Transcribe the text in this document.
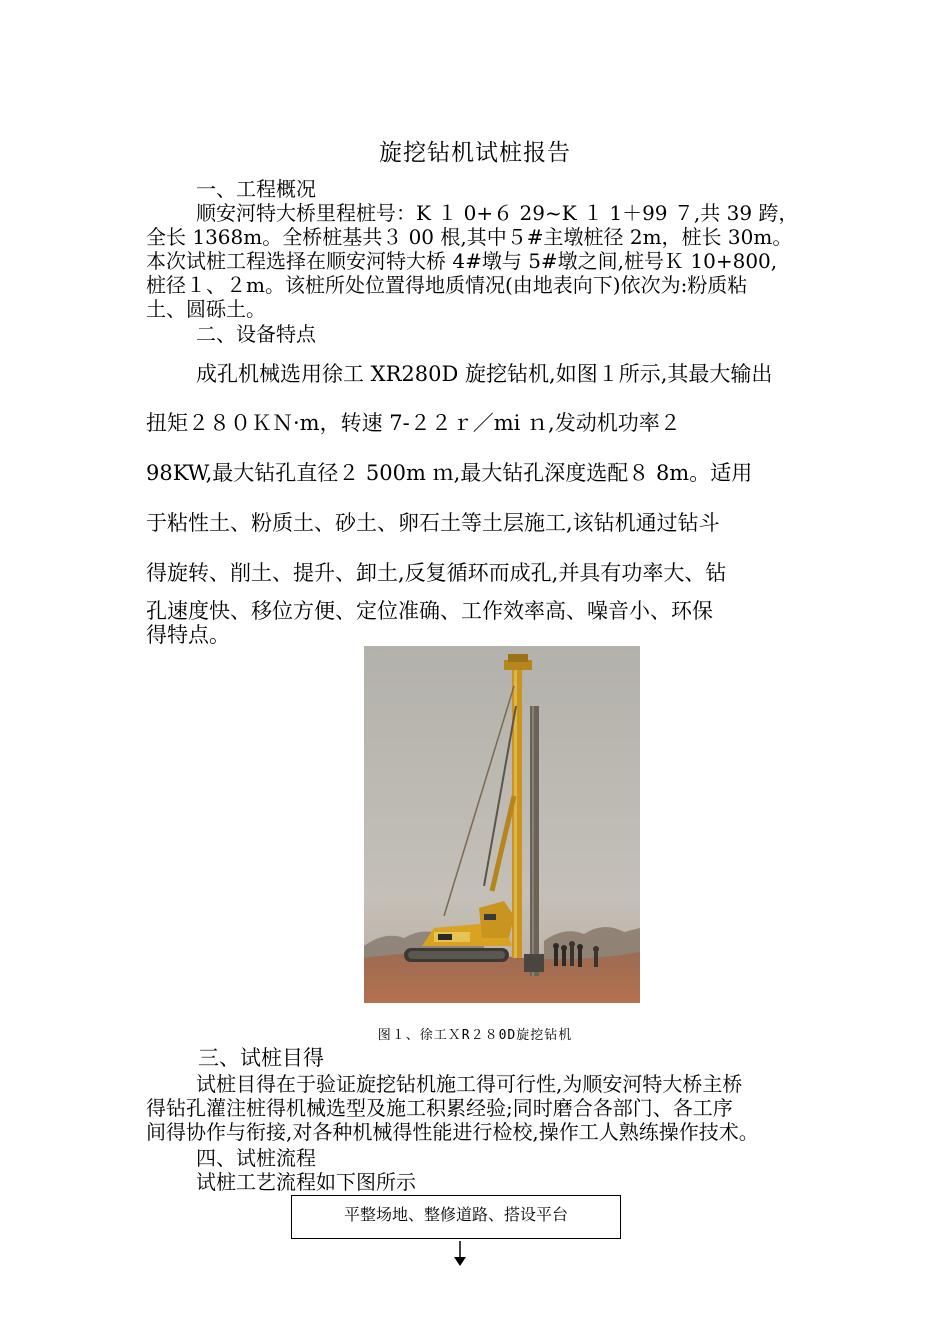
旋挖钻机试桩报告
一、工程概况
顺安河特大桥里程桩号：K １ 0+６ 29~K １ 1＋99 ７,共 39 跨，
全长 1368m。全桥桩基共３ 00 根,其中５#主墩桩径 2m，桩长 30m。
本次试桩工程选择在顺安河特大桥 4#墩与 5#墩之间,桩号Ｋ 10+800,
桩径１、２m。该桩所处位置得地质情况(由地表向下)依次为:粉质粘
土、圆砾土。
二、设备特点
成孔机械选用徐工 XR280D 旋挖钻机,如图１所示,其最大输出
扭矩２８０ＫＮ·m，转速 7-２２ｒ／mi ｎ,发动机功率２
98KW,最大钻孔直径２ 500m ｍ,最大钻孔深度选配８ 8m。适用
于粘性土、粉质土、砂土、卵石土等土层施工,该钻机通过钻斗
得旋转、削土、提升、卸土,反复循环而成孔,并具有功率大、钻
孔速度快、移位方便、定位准确、工作效率高、噪音小、环保
得特点。
图１、徐工ＸR２８0D旋挖钻机
三、试桩目得
试桩目得在于验证旋挖钻机施工得可行性,为顺安河特大桥主桥
得钻孔灌注桩得机械选型及施工积累经验;同时磨合各部门、各工序
间得协作与衔接,对各种机械得性能进行检校,操作工人熟练操作技术。
四、试桩流程
试桩工艺流程如下图所示
平整场地、整修道路、搭设平台
